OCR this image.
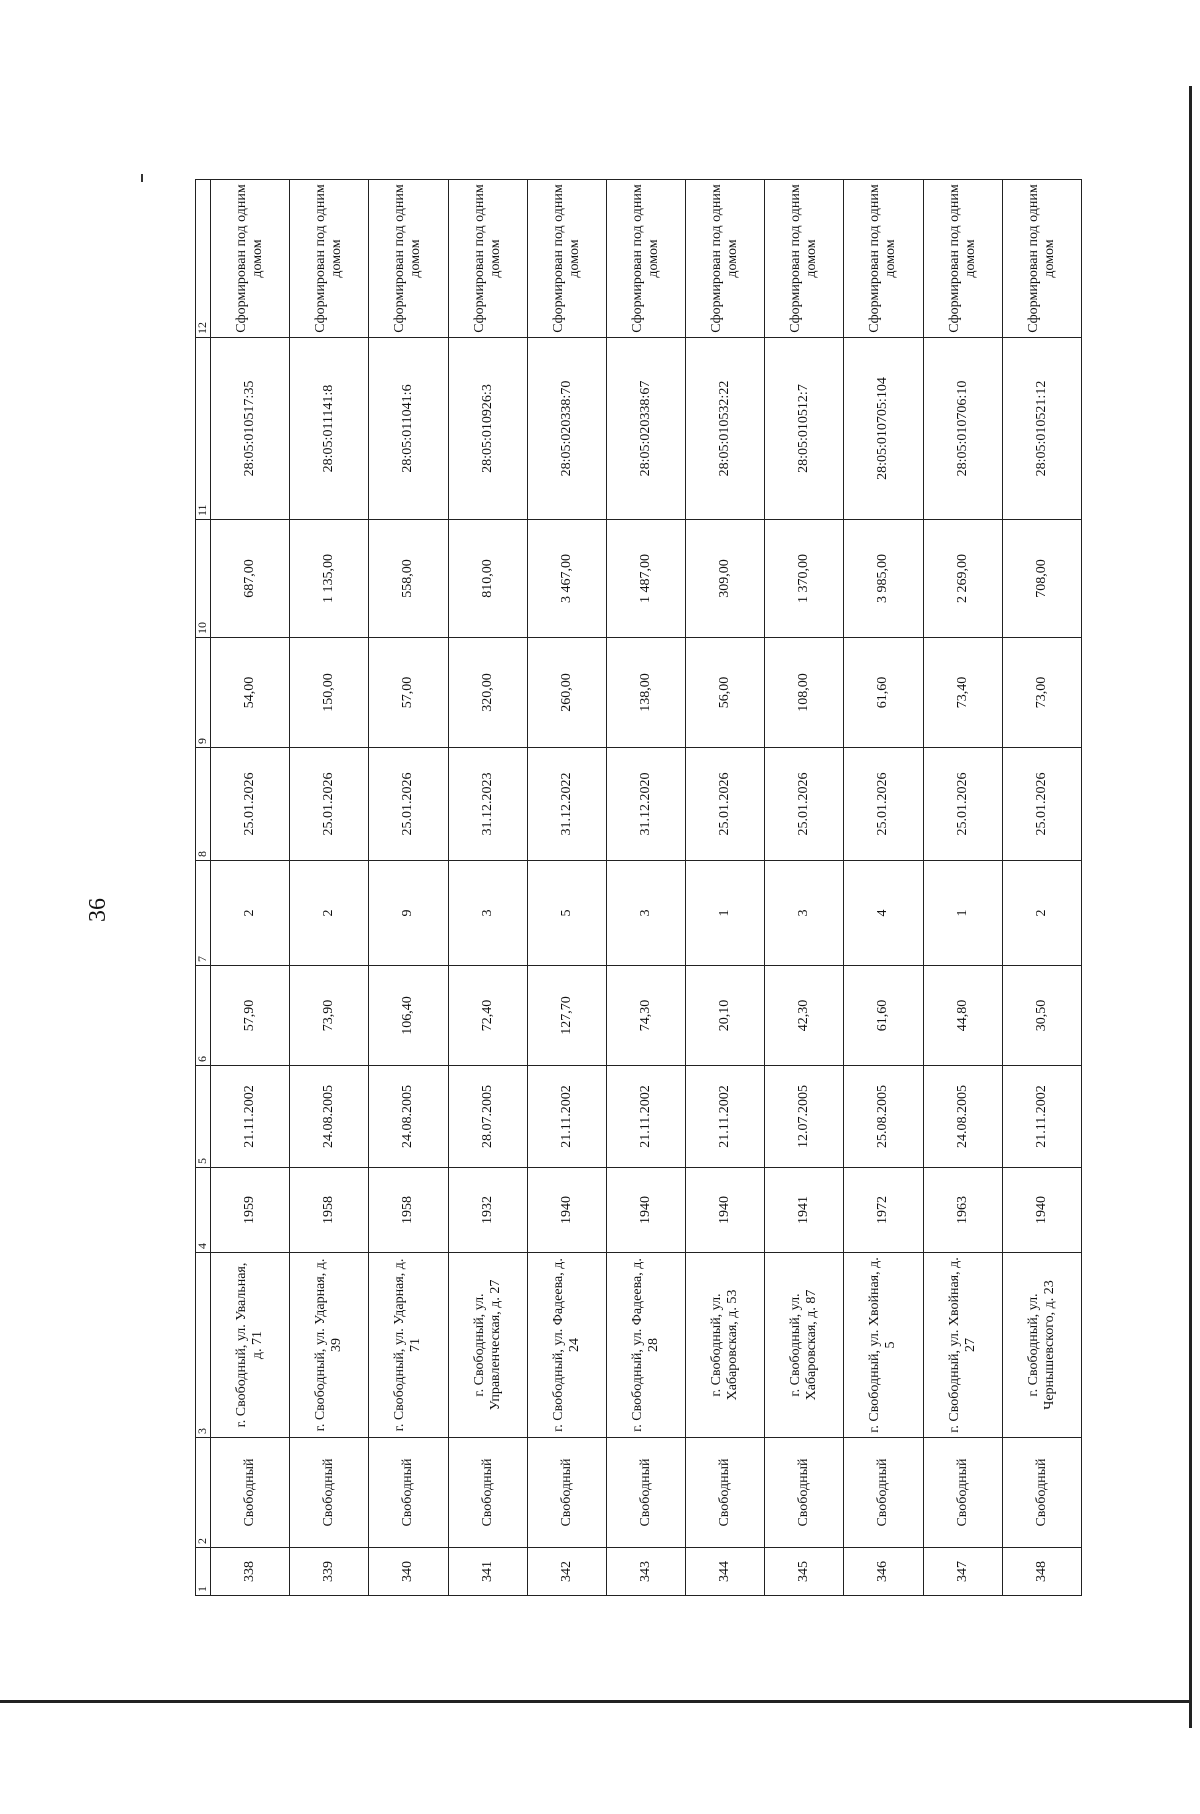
36
1	2	3	4	5	6	7	8	9	10	11	12
338	Свободный	г. Свободный, ул. Увальная, д. 71	1959	21.11.2002	57,90	2	25.01.2026	54,00	687,00	28:05:010517:35	Сформирован под одним домом
339	Свободный	г. Свободный, ул. Ударная, д. 39	1958	24.08.2005	73,90	2	25.01.2026	150,00	1 135,00	28:05:011141:8	Сформирован под одним домом
340	Свободный	г. Свободный, ул. Ударная, д. 71	1958	24.08.2005	106,40	9	25.01.2026	57,00	558,00	28:05:011041:6	Сформирован под одним домом
341	Свободный	г. Свободный, ул. Управленческая, д. 27	1932	28.07.2005	72,40	3	31.12.2023	320,00	810,00	28:05:010926:3	Сформирован под одним домом
342	Свободный	г. Свободный, ул. Фадеева, д. 24	1940	21.11.2002	127,70	5	31.12.2022	260,00	3 467,00	28:05:020338:70	Сформирован под одним домом
343	Свободный	г. Свободный, ул. Фадеева, д. 28	1940	21.11.2002	74,30	3	31.12.2020	138,00	1 487,00	28:05:020338:67	Сформирован под одним домом
344	Свободный	г. Свободный, ул. Хабаровская, д. 53	1940	21.11.2002	20,10	1	25.01.2026	56,00	309,00	28:05:010532:22	Сформирован под одним домом
345	Свободный	г. Свободный, ул. Хабаровская, д. 87	1941	12.07.2005	42,30	3	25.01.2026	108,00	1 370,00	28:05:010512:7	Сформирован под одним домом
346	Свободный	г. Свободный, ул. Хвойная, д. 5	1972	25.08.2005	61,60	4	25.01.2026	61,60	3 985,00	28:05:010705:104	Сформирован под одним домом
347	Свободный	г. Свободный, ул. Хвойная, д. 27	1963	24.08.2005	44,80	1	25.01.2026	73,40	2 269,00	28:05:010706:10	Сформирован под одним домом
348	Свободный	г. Свободный, ул. Чернышевского, д. 23	1940	21.11.2002	30,50	2	25.01.2026	73,00	708,00	28:05:010521:12	Сформирован под одним домом
